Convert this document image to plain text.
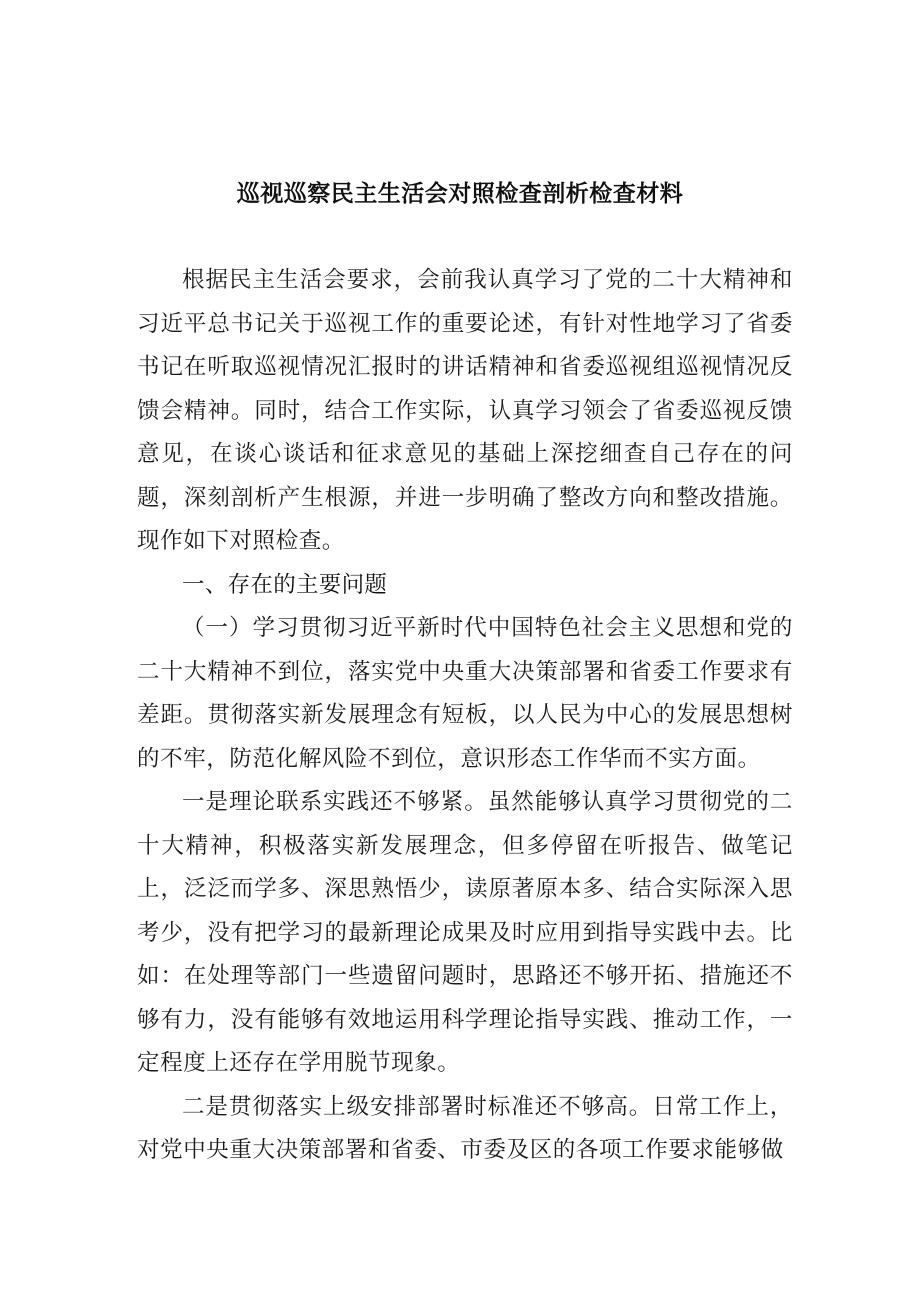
巡视巡察民主生活会对照检查剖析检查材料

根据民主生活会要求，会前我认真学习了党的二十大精神和习近平总书记关于巡视工作的重要论述，有针对性地学习了省委书记在听取巡视情况汇报时的讲话精神和省委巡视组巡视情况反馈会精神。同时，结合工作实际，认真学习领会了省委巡视反馈意见，在谈心谈话和征求意见的基础上深挖细查自己存在的问题，深刻剖析产生根源，并进一步明确了整改方向和整改措施。现作如下对照检查。

一、存在的主要问题

（一）学习贯彻习近平新时代中国特色社会主义思想和党的二十大精神不到位，落实党中央重大决策部署和省委工作要求有差距。贯彻落实新发展理念有短板，以人民为中心的发展思想树的不牢，防范化解风险不到位，意识形态工作华而不实方面。

一是理论联系实践还不够紧。虽然能够认真学习贯彻党的二十大精神，积极落实新发展理念，但多停留在听报告、做笔记上，泛泛而学多、深思熟悟少，读原著原本多、结合实际深入思考少，没有把学习的最新理论成果及时应用到指导实践中去。比如：在处理等部门一些遗留问题时，思路还不够开拓、措施还不够有力，没有能够有效地运用科学理论指导实践、推动工作，一定程度上还存在学用脱节现象。

二是贯彻落实上级安排部署时标准还不够高。日常工作上，对党中央重大决策部署和省委、市委及区的各项工作要求能够做
